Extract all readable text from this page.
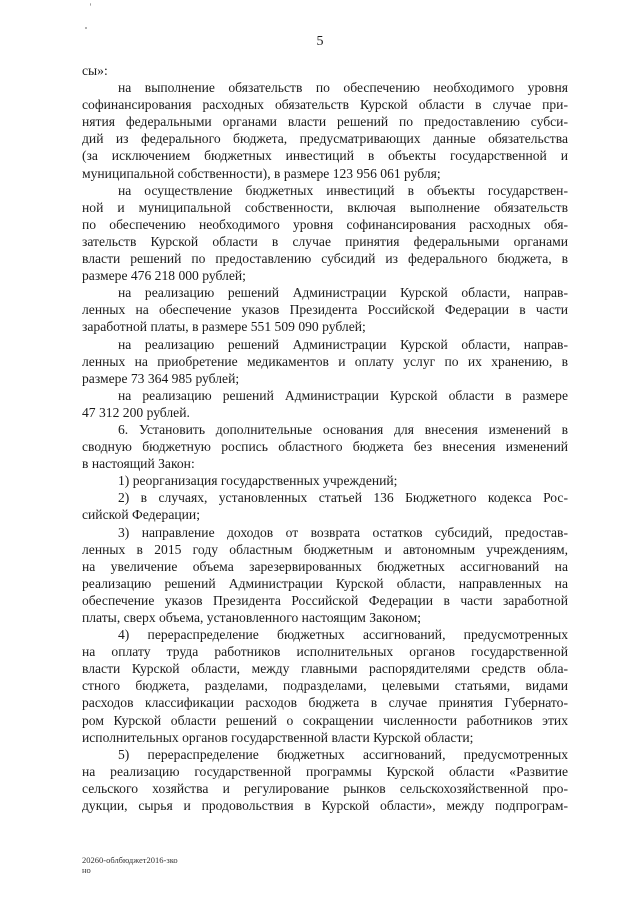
5
сы»:
на выполнение обязательств по обеспечению необходимого уровня
софинансирования расходных обязательств Курской области в случае при-
нятия федеральными органами власти решений по предоставлению субси-
дий из федерального бюджета, предусматривающих данные обязательства
(за исключением бюджетных инвестиций в объекты государственной и
муниципальной собственности), в размере 123 956 061 рубля;
на осуществление бюджетных инвестиций в объекты государствен-
ной и муниципальной собственности, включая выполнение обязательств
по обеспечению необходимого уровня софинансирования расходных обя-
зательств Курской области в случае принятия федеральными органами
власти решений по предоставлению субсидий из федерального бюджета, в
размере 476 218 000 рублей;
на реализацию решений Администрации Курской области, направ-
ленных на обеспечение указов Президента Российской Федерации в части
заработной платы, в размере 551 509 090 рублей;
на реализацию решений Администрации Курской области, направ-
ленных на приобретение медикаментов и оплату услуг по их хранению, в
размере 73 364 985 рублей;
на реализацию решений Администрации Курской области в размере
47 312 200 рублей.
6. Установить дополнительные основания для внесения изменений в
сводную бюджетную роспись областного бюджета без внесения изменений
в настоящий Закон:
1) реорганизация государственных учреждений;
2) в случаях, установленных статьей 136 Бюджетного кодекса Рос-
сийской Федерации;
3) направление доходов от возврата остатков субсидий, предостав-
ленных в 2015 году областным бюджетным и автономным учреждениям,
на увеличение объема зарезервированных бюджетных ассигнований на
реализацию решений Администрации Курской области, направленных на
обеспечение указов Президента Российской Федерации в части заработной
платы, сверх объема, установленного настоящим Законом;
4) перераспределение бюджетных ассигнований, предусмотренных
на оплату труда работников исполнительных органов государственной
власти Курской области, между главными распорядителями средств обла-
стного бюджета, разделами, подразделами, целевыми статьями, видами
расходов классификации расходов бюджета в случае принятия Губернато-
ром Курской области решений о сокращении численности работников этих
исполнительных органов государственной власти Курской области;
5) перераспределение бюджетных ассигнований, предусмотренных
на реализацию государственной программы Курской области «Развитие
сельского хозяйства и регулирование рынков сельскохозяйственной про-
дукции, сырья и продовольствия в Курской области», между подпрограм-
20260-облбюджет2016-зко
но
